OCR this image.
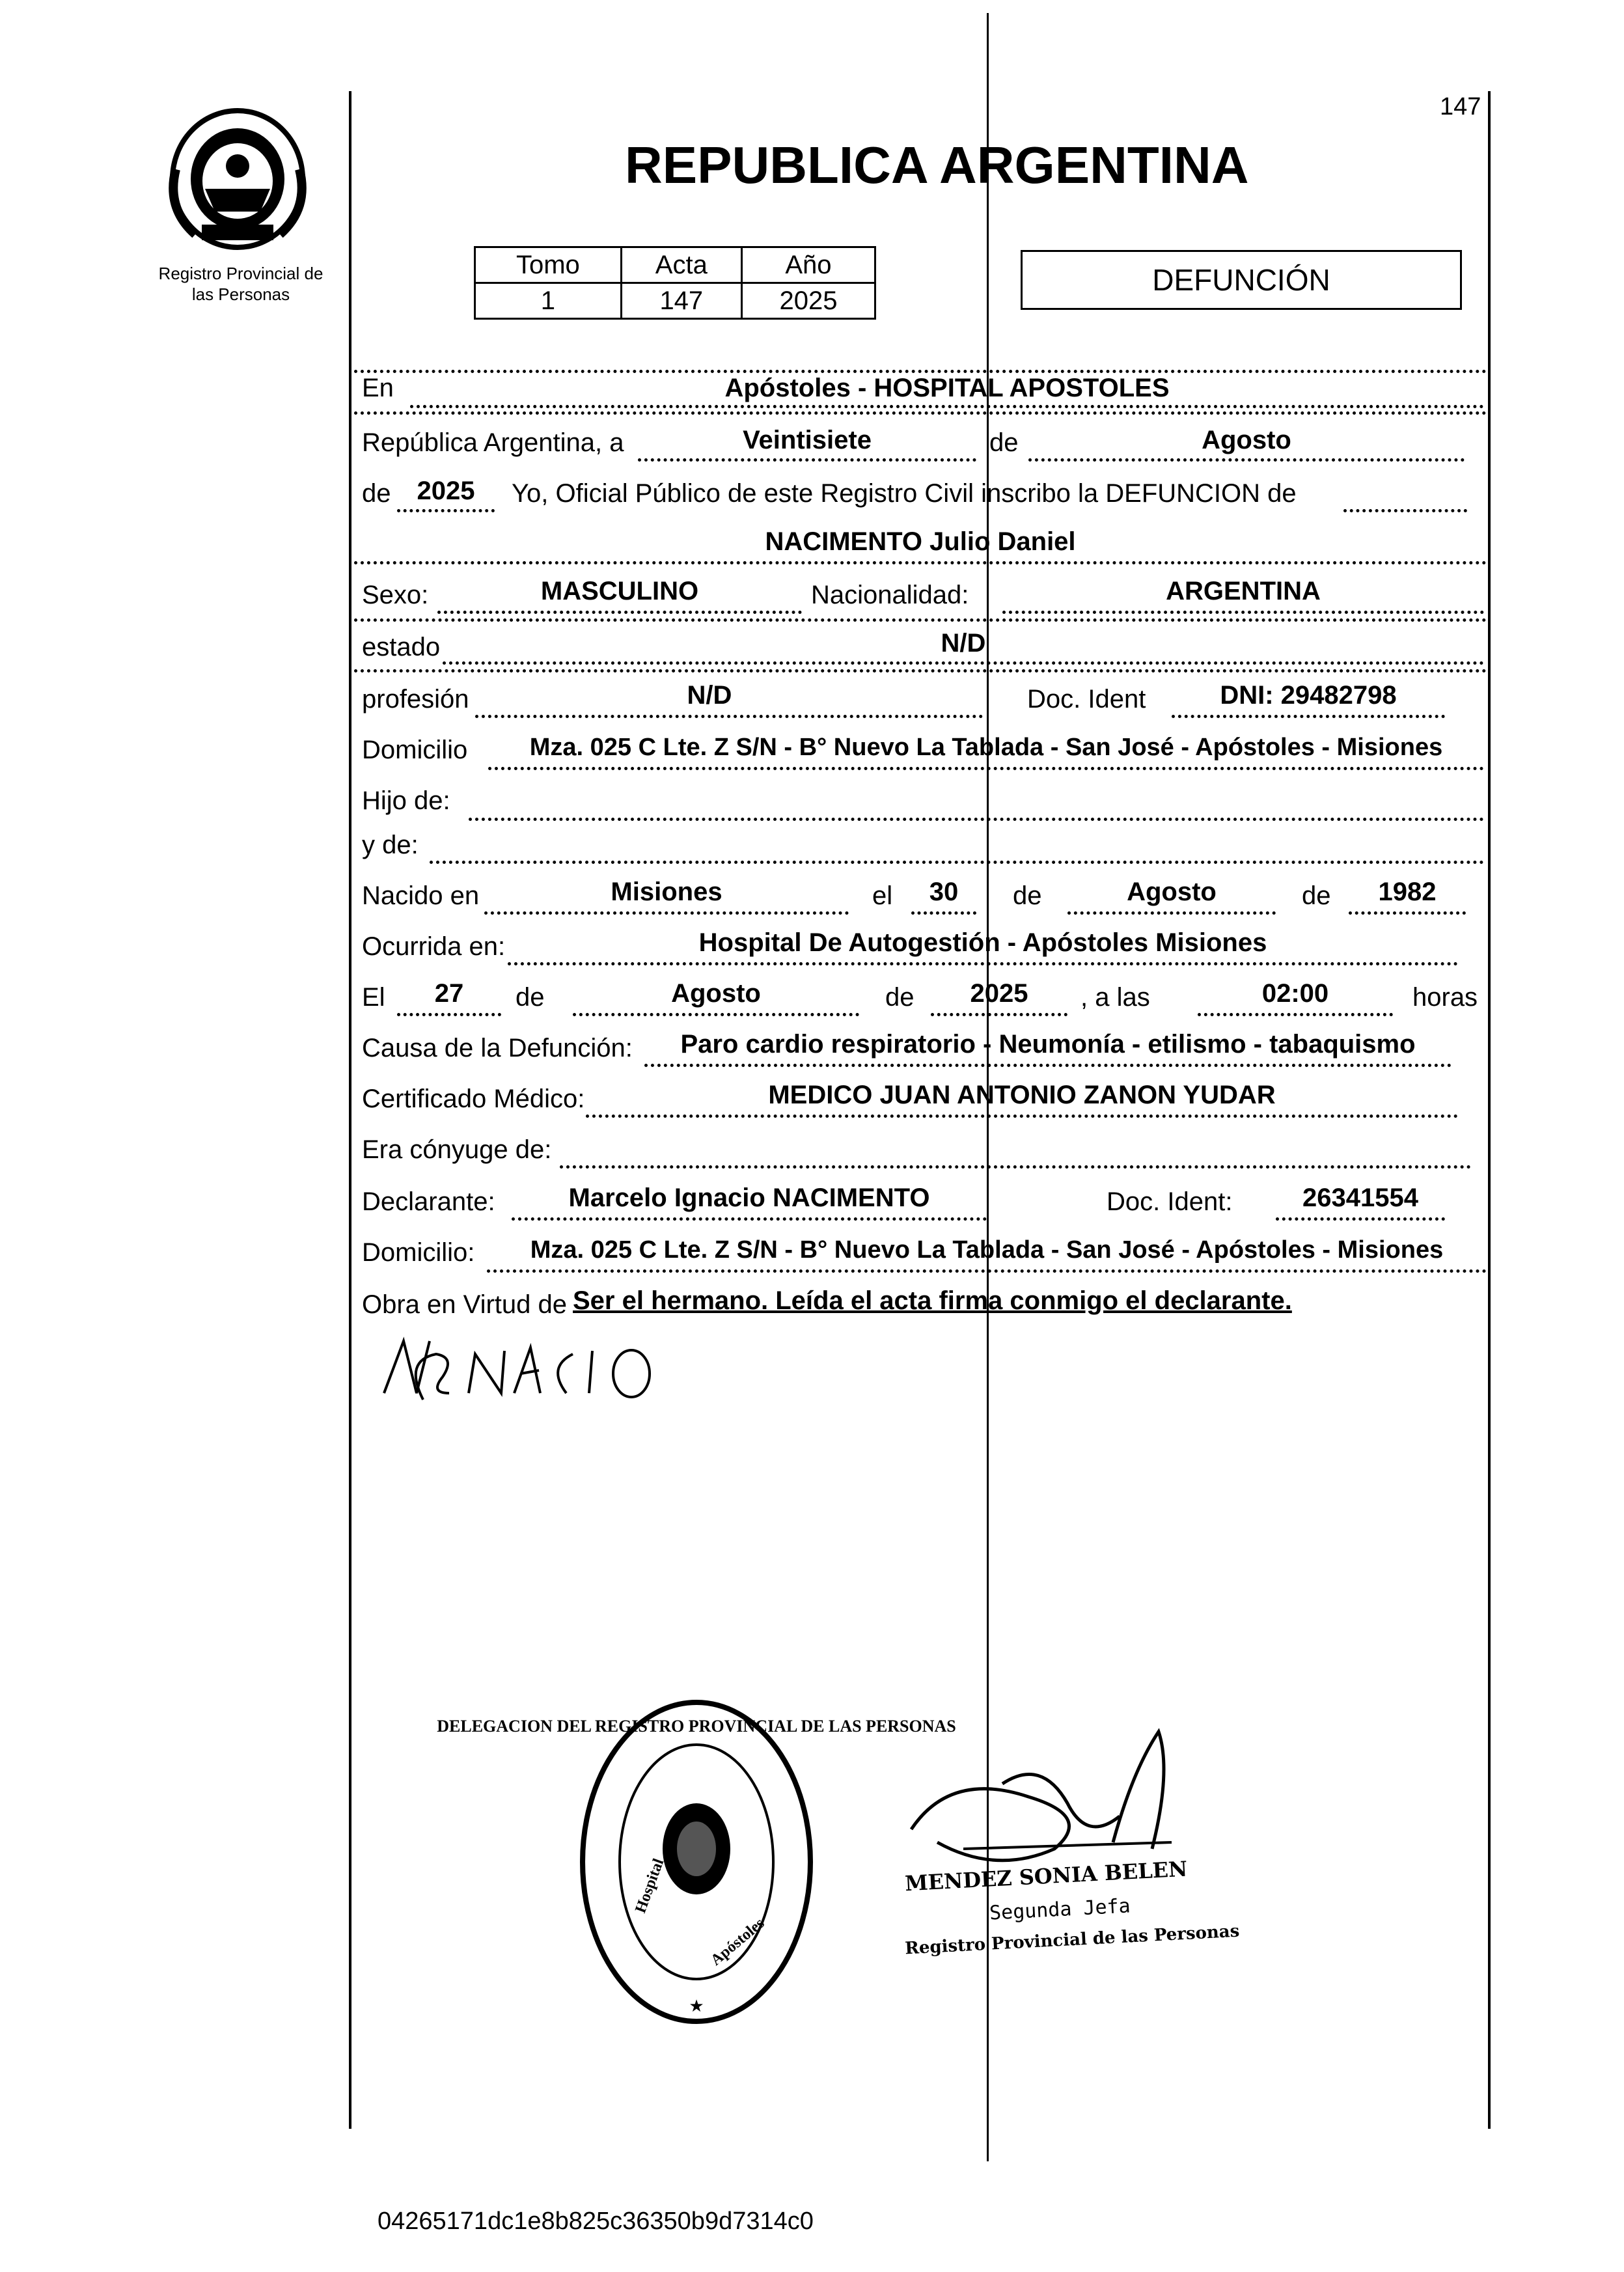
Registro Provincial de
las Personas
147
REPUBLICA ARGENTINA
Tomo	Acta	Año
1	147	2025
DEFUNCIÓN
En	Apóstoles - HOSPITAL APOSTOLES
República Argentina, a	Veintisiete	de	Agosto
de	2025	Yo, Oficial Público de este Registro Civil inscribo la DEFUNCION de
NACIMENTO Julio Daniel
Sexo:	MASCULINO	Nacionalidad:	ARGENTINA
estado	N/D
profesión	N/D	Doc. Ident	DNI: 29482798
Domicilio	Mza. 025 C Lte. Z S/N - B° Nuevo La Tablada - San José - Apóstoles - Misiones
Hijo de:
y de:
Nacido en	Misiones	el	30	de	Agosto	de	1982
Ocurrida en:	Hospital De Autogestión - Apóstoles Misiones
El	27	de	Agosto	de	2025	, a las	02:00	horas
Causa de la Defunción:	Paro cardio respiratorio - Neumonía - etilismo - tabaquismo
Certificado Médico:	MEDICO JUAN ANTONIO ZANON YUDAR
Era cónyuge de:
Declarante:	Marcelo Ignacio NACIMENTO	Doc. Ident:	26341554
Domicilio:	Mza. 025 C Lte. Z S/N - B° Nuevo La Tablada - San José - Apóstoles - Misiones
Obra en Virtud de Ser el hermano. Leída el acta firma conmigo el declarante.
DELEGACION DEL REGISTRO PROVINCIAL DE LAS PERSONAS
Hospital
Apóstoles
★
MENDEZ SONIA BELEN
Segunda Jefa
Registro Provincial de las Personas
04265171dc1e8b825c36350b9d7314c0
